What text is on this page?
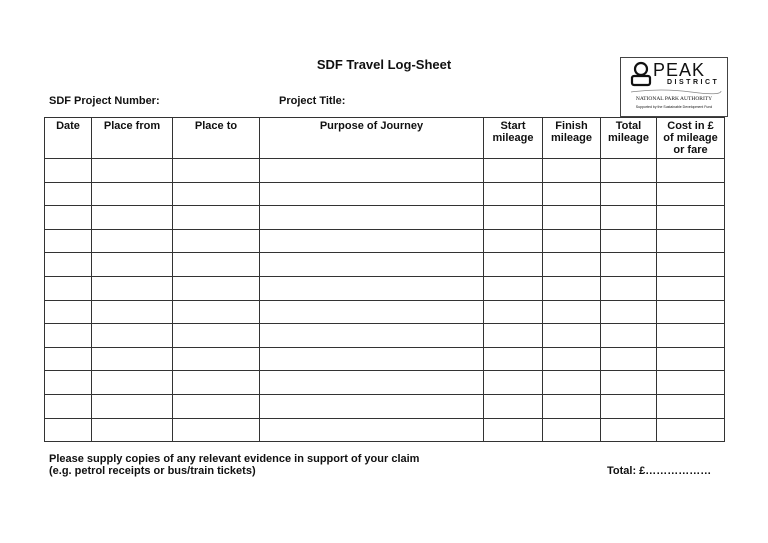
SDF Travel Log-Sheet
SDF Project Number:	Project Title:
PEAK
DISTRICT
NATIONAL PARK AUTHORITY
Supported by the Sustainable Development Fund
Date	Place from	Place to	Purpose of Journey	Start mileage	Finish mileage	Total mileage	Cost in £ of mileage or fare

Please supply copies of any relevant evidence in support of your claim
(e.g. petrol receipts or bus/train tickets)	Total: £………………
